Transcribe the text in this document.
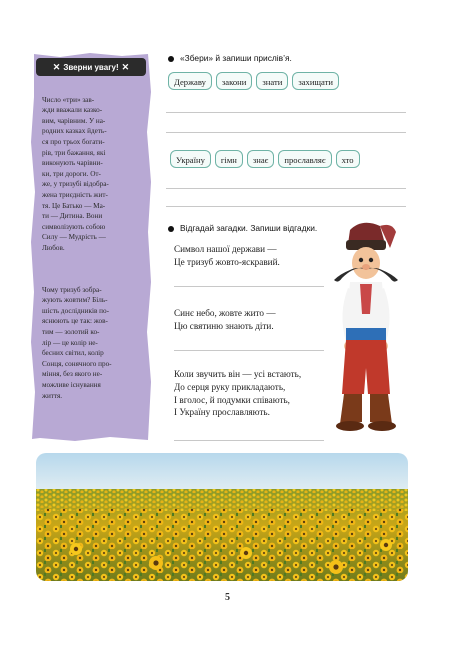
✕ Зверни увагу! ✕

Число «три» зав-
жди вважали казко-
вим, чарівним. У на-
родних казках йдеть-
ся про трьох богати-
рів, три бажання, які
виконують чарівни-
ки, три дороги. От-
же, у тризубі відобра-
жена триєдність жит-
тя. Це Батько — Ма-
ти — Дитина. Вони
символізують собою
Силу — Мудрість —
Любов.

Чому тризуб зобра-
жують жовтим? Біль-
шість дослідників по-
яснюють це так: жов-
тим — золотий ко-
лір — це колір не-
бесних світил, колір
Сонця, сонячного про-
міння, без якого не-
можливе існування
життя.

«Збери» й запиши прислів’я.
Державу	закони	знати	захищати
Україну	гімн	знає	прославляє	хто
Відгадай загадки. Запиши відгадки.
Символ нашої держави —
Це тризуб жовто-яскравий.
Синє небо, жовте жито —
Цю святиню знають діти.
Коли звучить він — усі встають,
До серця руку прикладають,
І вголос, й подумки співають,
І Україну прославляють.
5
